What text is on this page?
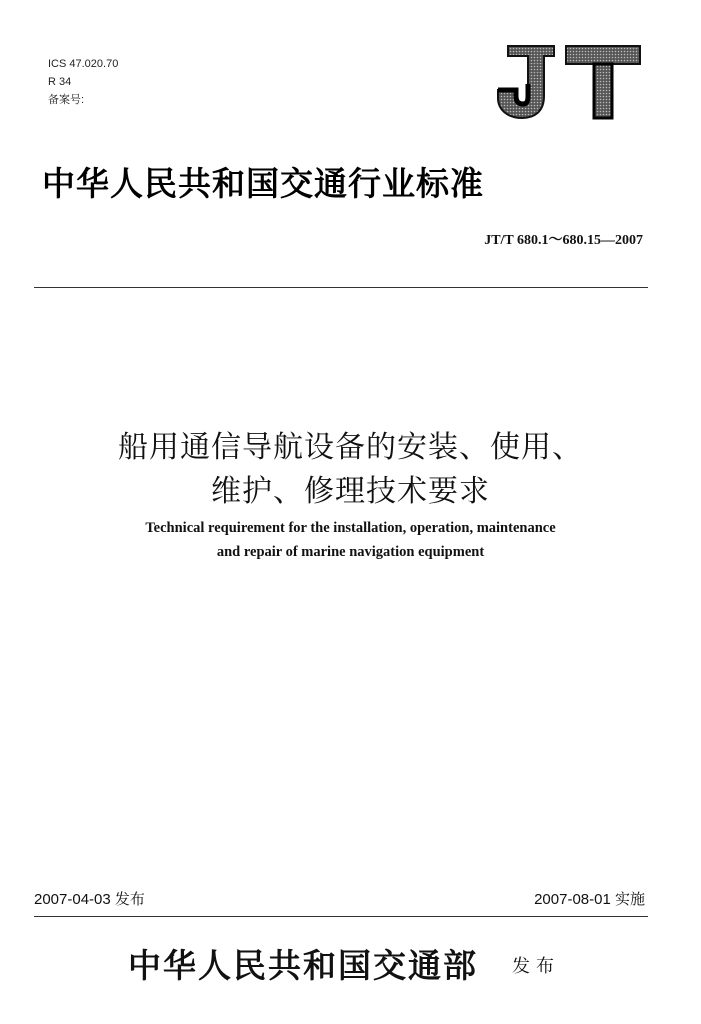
ICS 47.020.70
R 34
备案号:
中华人民共和国交通行业标准
JT/T 680.1～680.15—2007
船用通信导航设备的安装、使用、
维护、修理技术要求
Technical requirement for the installation, operation, maintenance
and repair of marine navigation equipment
2007-04-03 发布	2007-08-01 实施
中华人民共和国交通部 发布
